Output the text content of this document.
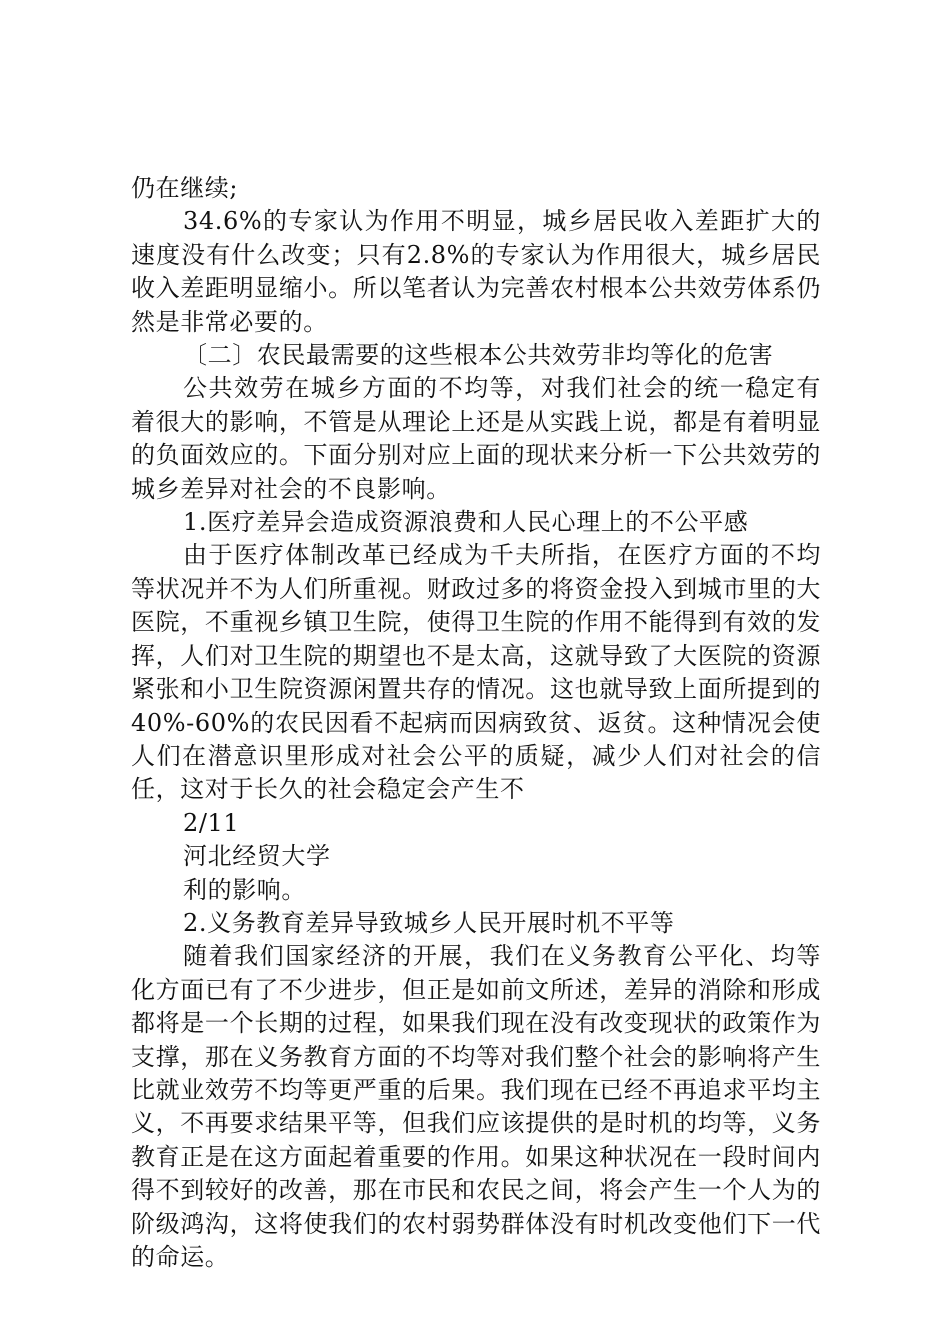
仍在继续;

34.6%的专家认为作用不明显，城乡居民收入差距扩大的速度没有什么改变；只有2.8%的专家认为作用很大，城乡居民收入差距明显缩小。所以笔者认为完善农村根本公共效劳体系仍然是非常必要的。

〔二〕农民最需要的这些根本公共效劳非均等化的危害

公共效劳在城乡方面的不均等，对我们社会的统一稳定有着很大的影响，不管是从理论上还是从实践上说，都是有着明显的负面效应的。下面分别对应上面的现状来分析一下公共效劳的城乡差异对社会的不良影响。

1.医疗差异会造成资源浪费和人民心理上的不公平感

由于医疗体制改革已经成为千夫所指，在医疗方面的不均等状况并不为人们所重视。财政过多的将资金投入到城市里的大医院，不重视乡镇卫生院，使得卫生院的作用不能得到有效的发挥，人们对卫生院的期望也不是太高，这就导致了大医院的资源紧张和小卫生院资源闲置共存的情况。这也就导致上面所提到的40%-60%的农民因看不起病而因病致贫、返贫。这种情况会使人们在潜意识里形成对社会公平的质疑，减少人们对社会的信任，这对于长久的社会稳定会产生不

2/11

河北经贸大学

利的影响。

2.义务教育差异导致城乡人民开展时机不平等

随着我们国家经济的开展，我们在义务教育公平化、均等化方面已有了不少进步，但正是如前文所述，差异的消除和形成都将是一个长期的过程，如果我们现在没有改变现状的政策作为支撑，那在义务教育方面的不均等对我们整个社会的影响将产生比就业效劳不均等更严重的后果。我们现在已经不再追求平均主义，不再要求结果平等，但我们应该提供的是时机的均等，义务教育正是在这方面起着重要的作用。如果这种状况在一段时间内得不到较好的改善，那在市民和农民之间，将会产生一个人为的阶级鸿沟，这将使我们的农村弱势群体没有时机改变他们下一代的命运。
